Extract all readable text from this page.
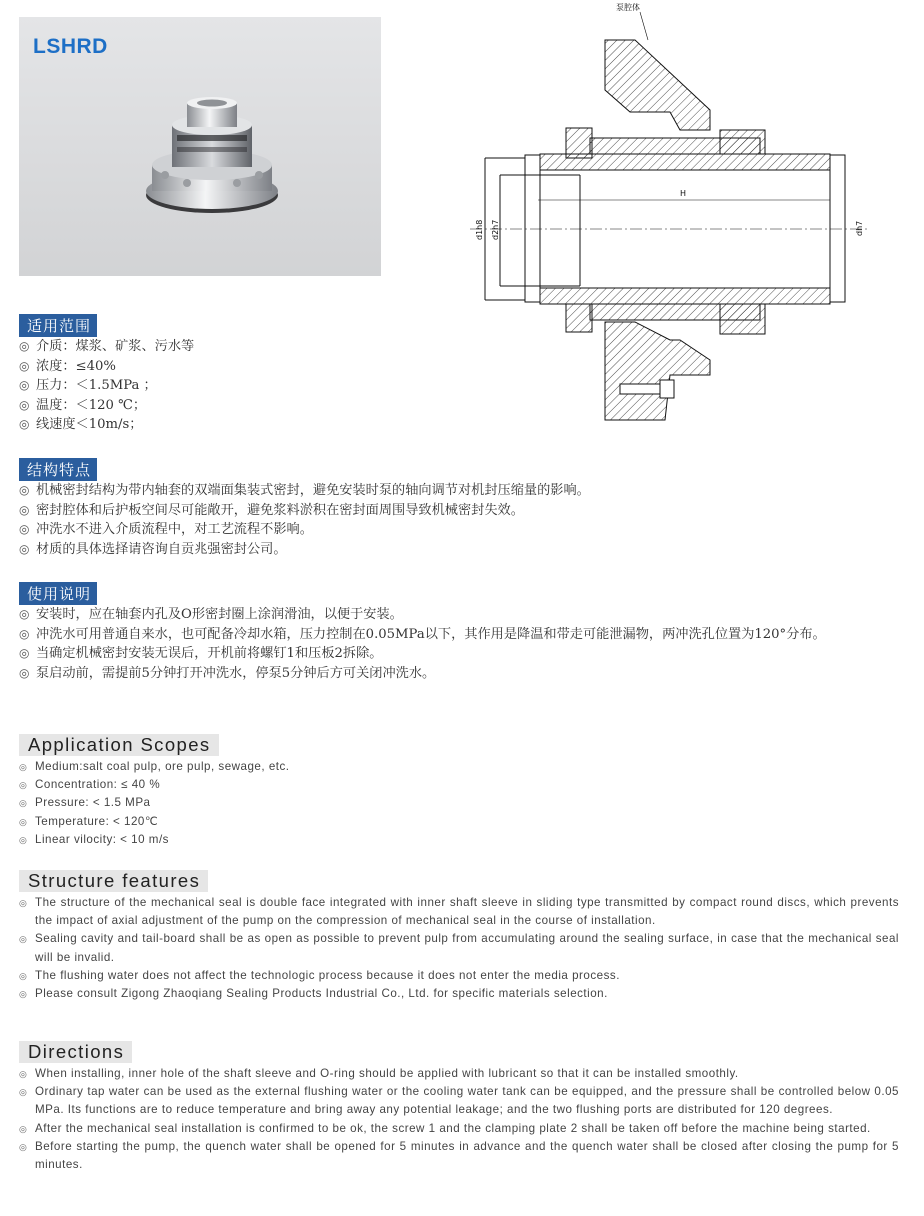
LSHRD
泵腔体
H
d1h8 d2h7	dh7
适用范围
◎ 介质：煤浆、矿浆、污水等
◎ 浓度：≤40%
◎ 压力：＜1.5MPa ；
◎ 温度：＜120 ℃；
◎ 线速度＜10m/s；
结构特点
◎ 机械密封结构为带内轴套的双端面集装式密封，避免安装时泵的轴向调节对机封压缩量的影响。
◎ 密封腔体和后护板空间尽可能敞开，避免浆料淤积在密封面周围导致机械密封失效。
◎ 冲洗水不进入介质流程中，对工艺流程不影响。
◎ 材质的具体选择请咨询自贡兆强密封公司。
使用说明
◎ 安装时，应在轴套内孔及O形密封圈上涂润滑油，以便于安装。
◎ 冲洗水可用普通自来水，也可配备冷却水箱，压力控制在0.05MPa以下，其作用是降温和带走可能泄漏物，两冲洗孔位置为120°分布。
◎ 当确定机械密封安装无误后，开机前将螺钉1和压板2拆除。
◎ 泵启动前，需提前5分钟打开冲洗水，停泵5分钟后方可关闭冲洗水。
Application Scopes
◎ Medium:salt coal pulp, ore pulp, sewage, etc.
◎ Concentration: ≤ 40 %
◎ Pressure: < 1.5 MPa
◎ Temperature: < 120℃
◎ Linear vilocity: < 10 m/s
Structure features
◎ The structure of the mechanical seal is double face integrated with inner shaft sleeve in sliding type transmitted by compact round discs, which prevents the impact of axial adjustment of the pump on the compression of mechanical seal in the course of installation.
◎ Sealing cavity and tail-board shall be as open as possible to prevent pulp from accumulating around the sealing surface, in case that the mechanical seal will be invalid.
◎ The flushing water does not affect the technologic process because it does not enter the media process.
◎ Please consult Zigong Zhaoqiang Sealing Products Industrial Co., Ltd. for specific materials selection.
Directions
◎ When installing, inner hole of the shaft sleeve and O-ring should be applied with lubricant so that it can be installed smoothly.
◎ Ordinary tap water can be used as the external flushing water or the cooling water tank can be equipped, and the pressure shall be controlled below 0.05 MPa. Its functions are to reduce temperature and bring away any potential leakage; and the two flushing ports are distributed for 120 degrees.
◎ After the mechanical seal installation is confirmed to be ok, the screw 1 and the clamping plate 2 shall be taken off before the machine being started.
◎ Before starting the pump, the quench water shall be opened for 5 minutes in advance and the quench water shall be closed after closing the pump for 5 minutes.
